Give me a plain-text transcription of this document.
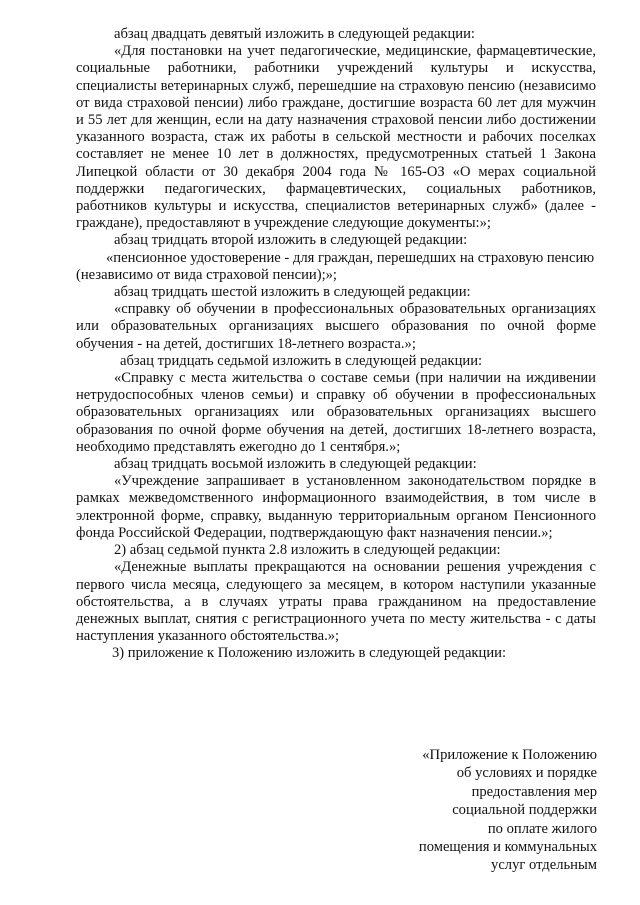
абзац двадцать девятый изложить в следующей редакции:

«Для постановки на учет педагогические, медицинские, фармацевтические, социальные работники, работники учреждений культуры и искусства, специалисты ветеринарных служб, перешедшие на страховую пенсию (независимо от вида страховой пенсии) либо граждане, достигшие возраста 60 лет для мужчин и 55 лет для женщин, если на дату назначения страховой пенсии либо достижении указанного возраста, стаж их работы в сельской местности и рабочих поселках составляет не менее 10 лет в должностях, предусмотренных статьей 1 Закона Липецкой области от 30 декабря 2004 года № 165-ОЗ «О мерах социальной поддержки педагогических, фармацевтических, социальных работников, работников культуры и искусства, специалистов ветеринарных служб» (далее - граждане), предоставляют в учреждение следующие документы:»;

абзац тридцать второй изложить в следующей редакции:

«пенсионное удостоверение - для граждан, перешедших на страховую пенсию (независимо от вида страховой пенсии);»;

абзац тридцать шестой изложить в следующей редакции:

«справку об обучении в профессиональных образовательных организациях или образовательных организациях высшего образования по очной форме обучения - на детей, достигших 18-летнего возраста.»;

абзац тридцать седьмой изложить в следующей редакции:

«Справку с места жительства о составе семьи (при наличии на иждивении нетрудоспособных членов семьи) и справку об обучении в профессиональных образовательных организациях или образовательных организациях высшего образования по очной форме обучения на детей, достигших 18-летнего возраста, необходимо представлять ежегодно до 1 сентября.»;

абзац тридцать восьмой изложить в следующей редакции:

«Учреждение запрашивает в установленном законодательством порядке в рамках межведомственного информационного взаимодействия, в том числе в электронной форме, справку, выданную территориальным органом Пенсионного фонда Российской Федерации, подтверждающую факт назначения пенсии.»;

2) абзац седьмой пункта 2.8 изложить в следующей редакции:

«Денежные выплаты прекращаются на основании решения учреждения с первого числа месяца, следующего за месяцем, в котором наступили указанные обстоятельства, а в случаях утраты права гражданином на предоставление денежных выплат, снятия с регистрационного учета по месту жительства - с даты наступления указанного обстоятельства.»;

3) приложение к Положению изложить в следующей редакции:

«Приложение к Положению
об условиях и порядке
предоставления мер
социальной поддержки
по оплате жилого
помещения и коммунальных
услуг отдельным
